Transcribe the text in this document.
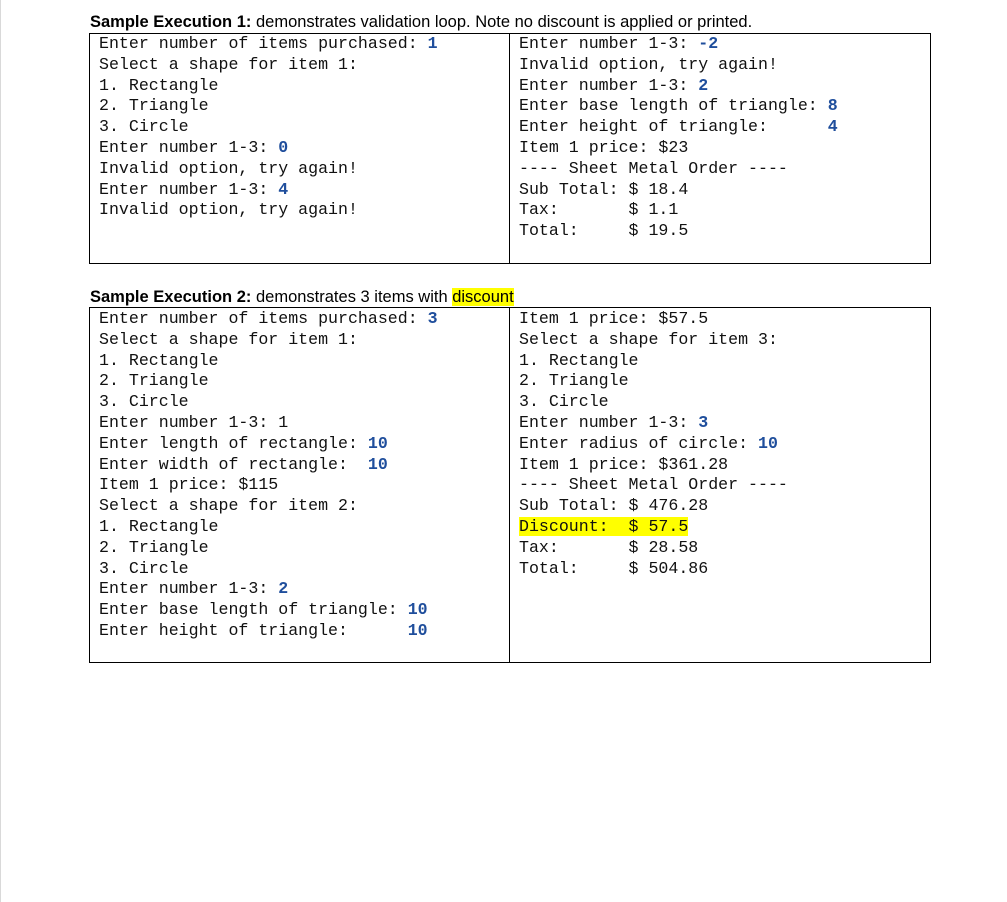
Sample Execution 1: demonstrates validation loop. Note no discount is applied or printed.
Enter number of items purchased: 1
Select a shape for item 1:
1. Rectangle
2. Triangle
3. Circle
Enter number 1-3: 0
Invalid option, try again!
Enter number 1-3: 4
Invalid option, try again!
Enter number 1-3: -2
Invalid option, try again!
Enter number 1-3: 2
Enter base length of triangle: 8
Enter height of triangle:      4
Item 1 price: $23
---- Sheet Metal Order ----
Sub Total: $ 18.4
Tax:       $ 1.1
Total:     $ 19.5
Sample Execution 2: demonstrates 3 items with discount
Enter number of items purchased: 3
Select a shape for item 1:
1. Rectangle
2. Triangle
3. Circle
Enter number 1-3: 1
Enter length of rectangle: 10
Enter width of rectangle:  10
Item 1 price: $115
Select a shape for item 2:
1. Rectangle
2. Triangle
3. Circle
Enter number 1-3: 2
Enter base length of triangle: 10
Enter height of triangle:      10
Item 1 price: $57.5
Select a shape for item 3:
1. Rectangle
2. Triangle
3. Circle
Enter number 1-3: 3
Enter radius of circle: 10
Item 1 price: $361.28
---- Sheet Metal Order ----
Sub Total: $ 476.28
Discount:  $ 57.5
Tax:       $ 28.58
Total:     $ 504.86
